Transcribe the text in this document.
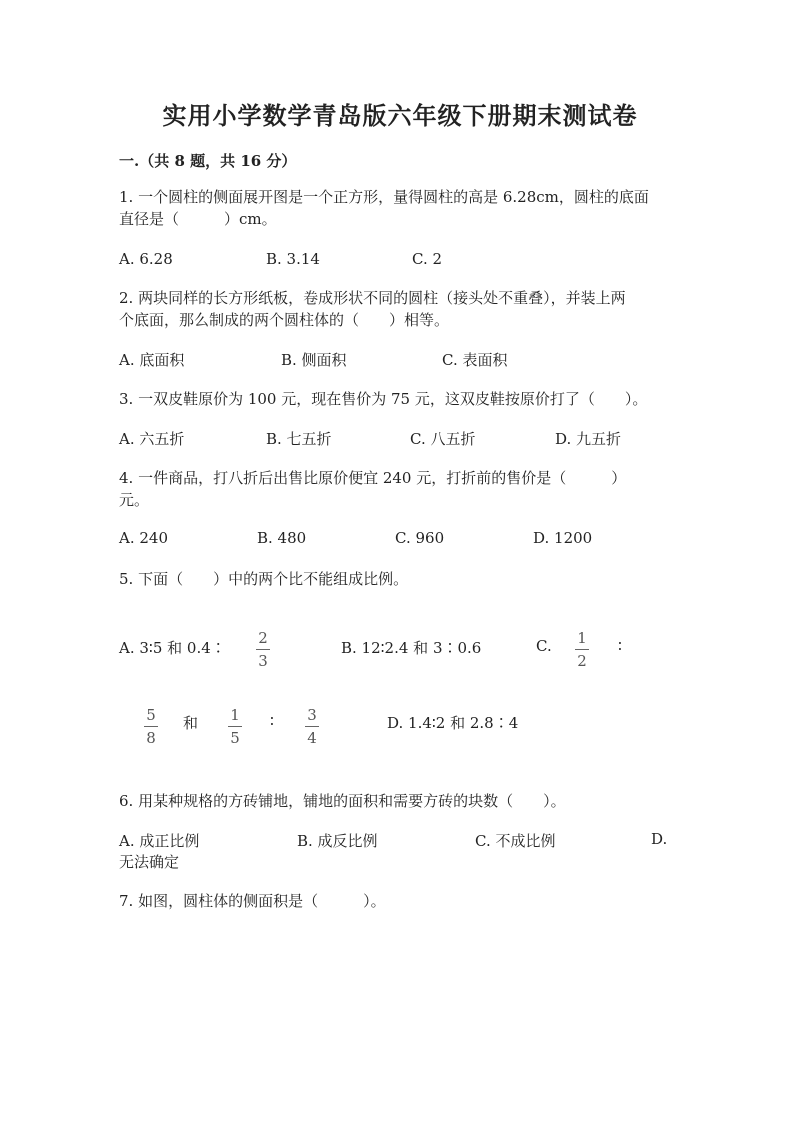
实用小学数学青岛版六年级下册期末测试卷
一.（共 8 题，共 16 分）
1. 一个圆柱的侧面展开图是一个正方形，量得圆柱的高是 6.28cm，圆柱的底面
直径是（　　　）cm。
A. 6.28	B. 3.14	C. 2
2. 两块同样的长方形纸板，卷成形状不同的圆柱（接头处不重叠），并装上两
个底面，那么制成的两个圆柱体的（　　）相等。
A. 底面积	B. 侧面积	C. 表面积
3. 一双皮鞋原价为 100 元，现在售价为 75 元，这双皮鞋按原价打了（　　）。
A. 六五折	B. 七五折	C. 八五折	D. 九五折
4. 一件商品，打八折后出售比原价便宜 240 元，打折前的售价是（　　　）
元。
A. 240	B. 480	C. 960	D. 1200
5. 下面（　　）中的两个比不能组成比例。
A. 3∶5 和 0.4∶
2
3
B. 12∶2.4 和 3∶0.6	C. 1
2
∶
5
8
和 1
5
∶ 3
4
D. 1.4∶2 和 2.8∶4
6. 用某种规格的方砖铺地，铺地的面积和需要方砖的块数（　　）。
A. 成正比例	B. 成反比例	C. 不成比例	D.
无法确定
7. 如图，圆柱体的侧面积是（　　　）。
